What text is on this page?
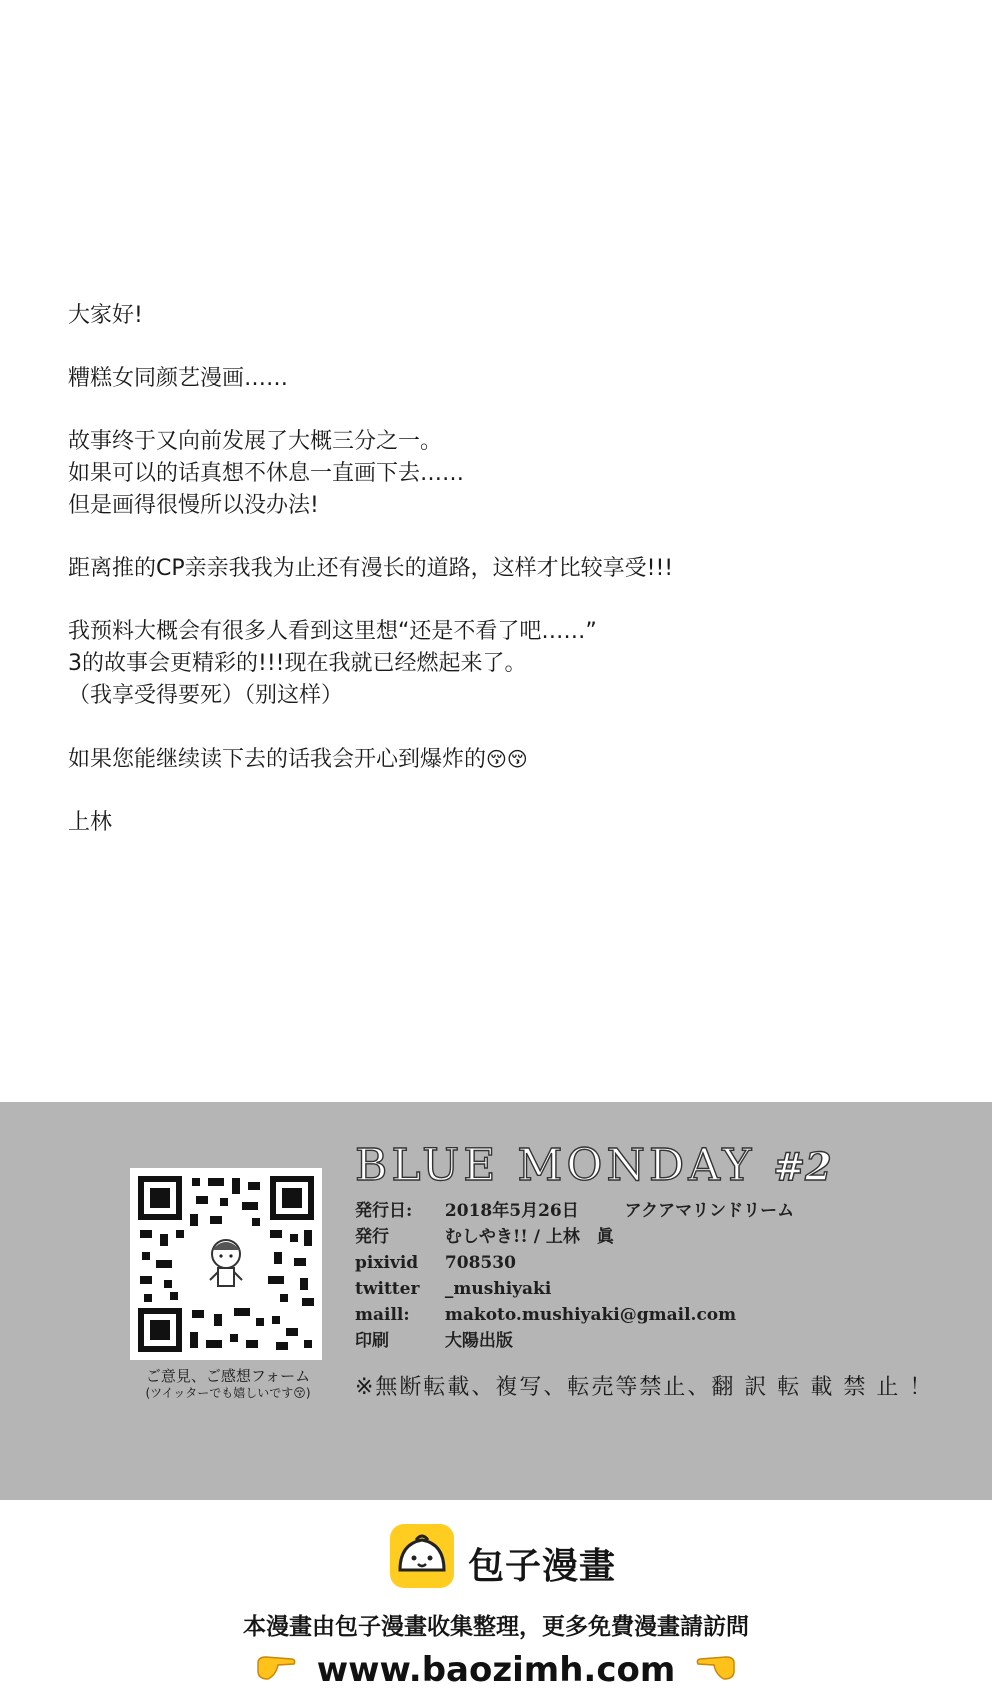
大家好!

糟糕女同颜艺漫画……

故事终于又向前发展了大概三分之一。
如果可以的话真想不休息一直画下去……
但是画得很慢所以没办法!

距离推的CP亲亲我我为止还有漫长的道路，这样才比较享受!!!

我预料大概会有很多人看到这里想“还是不看了吧……”
3的故事会更精彩的!!!现在我就已经燃起来了。
（我享受得要死）（别这样）

如果您能继续读下去的话我会开心到爆炸的😚😚

上林

ご意見、ご感想フォーム
(ツイッターでも嬉しいです😚)
BLUE MONDAY #2
発行日: 2018年5月26日	アクアマリンドリーム
発行	むしやき!! / 上林　眞
pixivid 708530
twitter _mushiyaki
maill: makoto.mushiyaki@gmail.com
印刷	大陽出版
※無断転載、複写、転売等禁止、翻 訳 転 載 禁 止 ！
包子漫畫
本漫畫由包子漫畫收集整理，更多免費漫畫請訪問
www.baozimh.com
